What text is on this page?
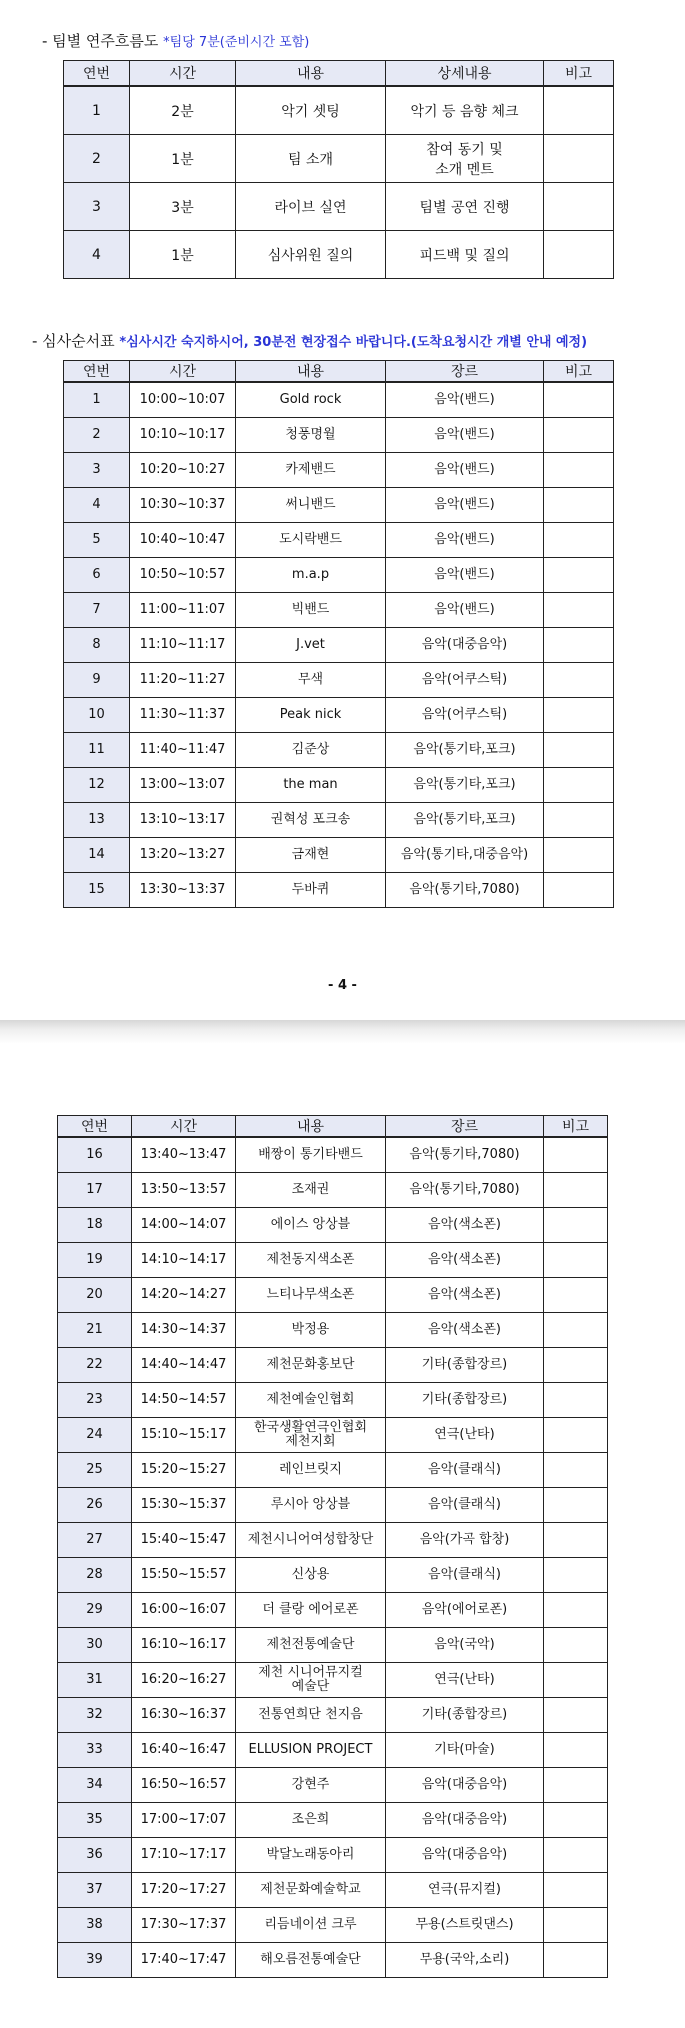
- 팀별 연주흐름도 *팀당 7분(준비시간 포함)
연번	시간	내용	상세내용	비고
1	2분	악기 셋팅	악기 등 음향 체크	
2	1분	팀 소개	참여 동기 및
소개 멘트	
3	3분	라이브 실연	팀별 공연 진행	
4	1분	심사위원 질의	피드백 및 질의	
- 심사순서표 *심사시간 숙지하시어, 30분전 현장접수 바랍니다.(도착요청시간 개별 안내 예정)
연번	시간	내용	장르	비고
1	10:00~10:07	Gold rock	음악(밴드)	
2	10:10~10:17	청풍명월	음악(밴드)	
3	10:20~10:27	카제밴드	음악(밴드)	
4	10:30~10:37	써니밴드	음악(밴드)	
5	10:40~10:47	도시락밴드	음악(밴드)	
6	10:50~10:57	m.a.p	음악(밴드)	
7	11:00~11:07	빅밴드	음악(밴드)	
8	11:10~11:17	J.vet	음악(대중음악)	
9	11:20~11:27	무색	음악(어쿠스틱)	
10	11:30~11:37	Peak nick	음악(어쿠스틱)	
11	11:40~11:47	김준상	음악(통기타,포크)	
12	13:00~13:07	the man	음악(통기타,포크)	
13	13:10~13:17	권혁성 포크송	음악(통기타,포크)	
14	13:20~13:27	금재현	음악(통기타,대중음악)	
15	13:30~13:37	두바퀴	음악(통기타,7080)	
- 4 -
연번	시간	내용	장르	비고
16	13:40~13:47	배짱이 통기타밴드	음악(통기타,7080)	
17	13:50~13:57	조재권	음악(통기타,7080)	
18	14:00~14:07	에이스 앙상블	음악(색소폰)	
19	14:10~14:17	제천동지색소폰	음악(색소폰)	
20	14:20~14:27	느티나무색소폰	음악(색소폰)	
21	14:30~14:37	박정용	음악(색소폰)	
22	14:40~14:47	제천문화홍보단	기타(종합장르)	
23	14:50~14:57	제천예술인협회	기타(종합장르)	
24	15:10~15:17	한국생활연극인협회
제천지회	연극(난타)	
25	15:20~15:27	레인브릿지	음악(클래식)	
26	15:30~15:37	루시아 앙상블	음악(클래식)	
27	15:40~15:47	제천시니어여성합창단	음악(가곡 합창)	
28	15:50~15:57	신상용	음악(클래식)	
29	16:00~16:07	더 클랑 에어로폰	음악(에어로폰)	
30	16:10~16:17	제천전통예술단	음악(국악)	
31	16:20~16:27	제천 시니어뮤지컬
예술단	연극(난타)	
32	16:30~16:37	전통연희단 천지음	기타(종합장르)	
33	16:40~16:47	ELLUSION PROJECT	기타(마술)	
34	16:50~16:57	강현주	음악(대중음악)	
35	17:00~17:07	조은희	음악(대중음악)	
36	17:10~17:17	박달노래동아리	음악(대중음악)	
37	17:20~17:27	제천문화예술학교	연극(뮤지컬)	
38	17:30~17:37	리듬네이션 크루	무용(스트릿댄스)	
39	17:40~17:47	해오름전통예술단	무용(국악,소리)	
